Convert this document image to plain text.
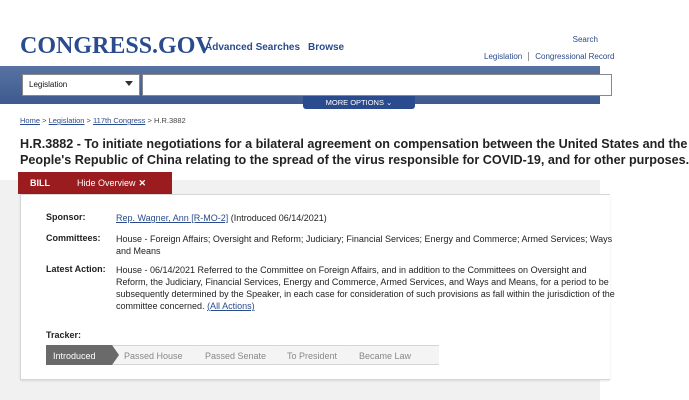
CONGRESS.GOV
Advanced Searches Browse
Search
Legislation Congressional Record
Legislation
MORE OPTIONS ⌄
Home > Legislation > 117th Congress > H.R.3882
H.R.3882 - To initiate negotiations for a bilateral agreement on compensation between the United States and the
People's Republic of China relating to the spread of the virus responsible for COVID-19, and for other purposes.
BILL	Hide Overview ✕
Sponsor:	Rep. Wagner, Ann [R-MO-2] (Introduced 06/14/2021)
Committees: House - Foreign Affairs; Oversight and Reform; Judiciary; Financial Services; Energy and Commerce; Armed Services; Ways and Means
Latest Action: House - 06/14/2021 Referred to the Committee on Foreign Affairs, and in addition to the Committees on Oversight and Reform, the Judiciary, Financial Services, Energy and Commerce, Armed Services, and Ways and Means, for a period to be subsequently determined by the Speaker, in each case for consideration of such provisions as fall within the jurisdiction of the committee concerned. (All Actions)
Tracker:
Introduced	Passed House	Passed Senate	To President	Became Law
